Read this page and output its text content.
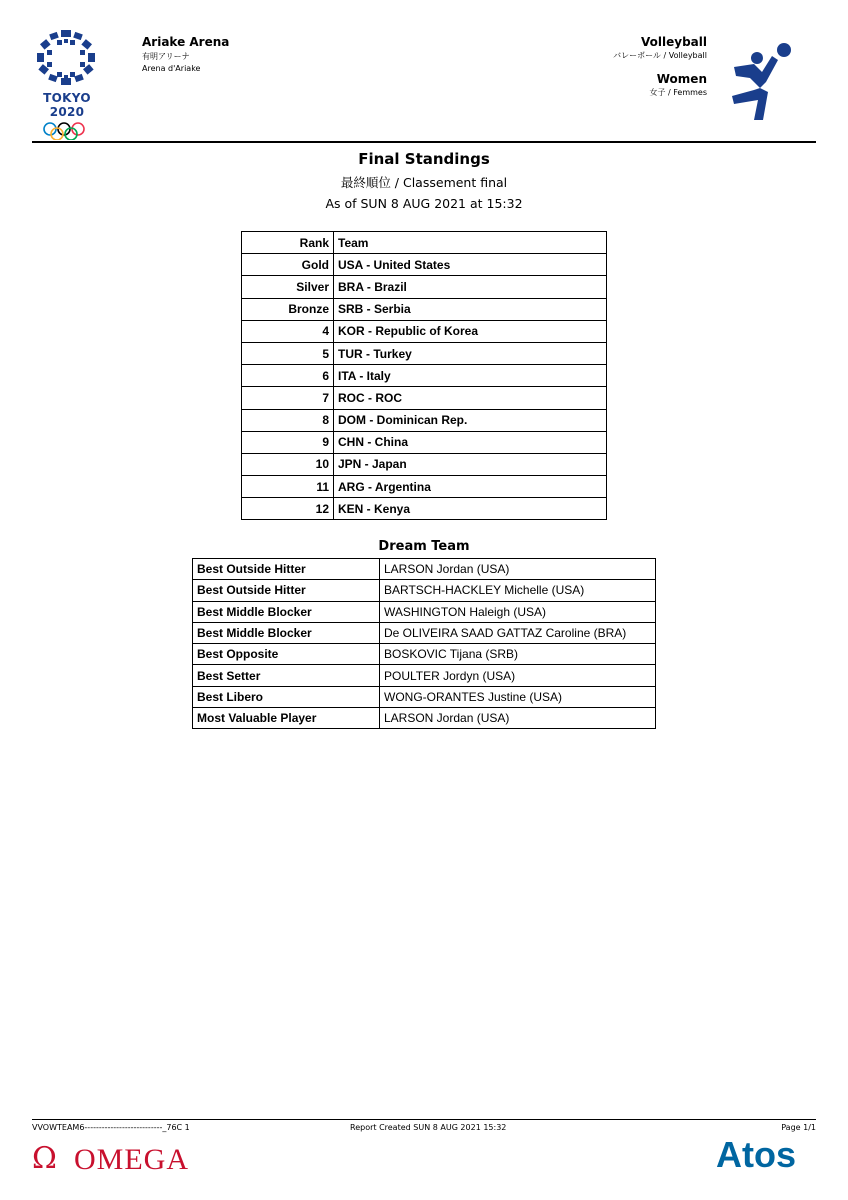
TOKYO 2020
Ariake Arena
有明アリーナ
Arena d'Ariake
Volleyball
バレーボール / Volleyball
Women
女子 / Femmes
Final Standings
最終順位 / Classement final
As of SUN 8 AUG 2021 at 15:32
Rank	Team
Gold	USA - United States
Silver	BRA - Brazil
Bronze	SRB - Serbia
4	KOR - Republic of Korea
5	TUR - Turkey
6	ITA - Italy
7	ROC - ROC
8	DOM - Dominican Rep.
9	CHN - China
10	JPN - Japan
11	ARG - Argentina
12	KEN - Kenya
Dream Team
Best Outside Hitter	LARSON Jordan (USA)
Best Outside Hitter	BARTSCH-HACKLEY Michelle (USA)
Best Middle Blocker	WASHINGTON Haleigh (USA)
Best Middle Blocker	De OLIVEIRA SAAD GATTAZ Caroline (BRA)
Best Opposite	BOSKOVIC Tijana (SRB)
Best Setter	POULTER Jordyn (USA)
Best Libero	WONG-ORANTES Justine (USA)
Most Valuable Player	LARSON Jordan (USA)
VVOWTEAM6---------------------------_76C 1	Report Created SUN 8 AUG 2021 15:32	Page 1/1
Ω OMEGA	Atos
